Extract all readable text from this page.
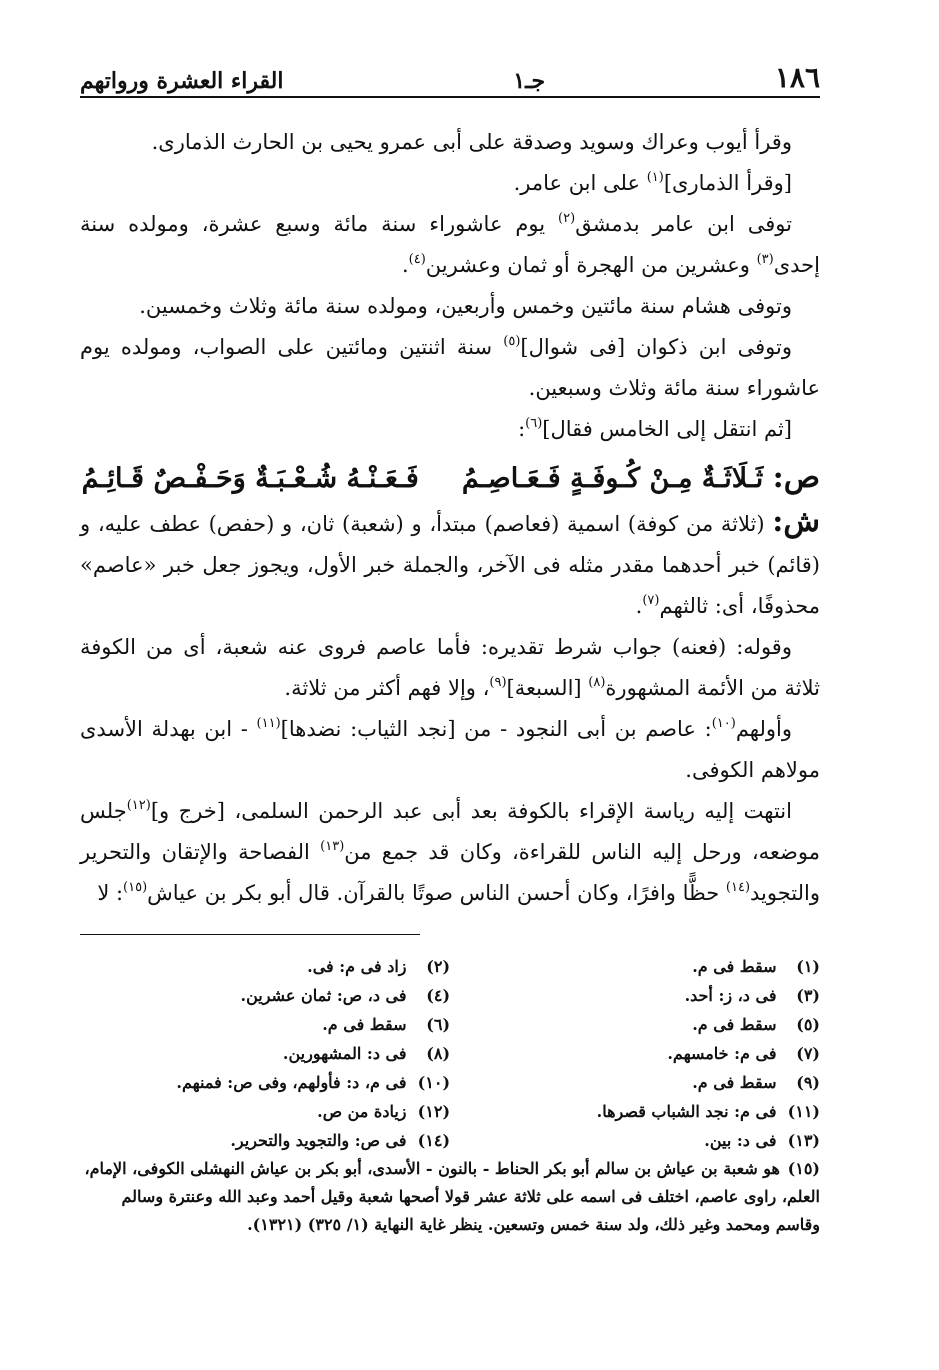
١٨٦
جـ١
القراء العشرة ورواتهم

وقرأ أيوب وعراك وسويد وصدقة على أبى عمرو يحيى بن الحارث الذمارى.

[وقرأ الذمارى]$^{(١)}$ على ابن عامر.

توفى ابن عامر بدمشق$^{(٢)}$ يوم عاشوراء سنة مائة وسبع عشرة، ومولده سنة إحدى$^{(٣)}$ وعشرين من الهجرة أو ثمان وعشرين$^{(٤)}$.

وتوفى هشام سنة مائتين وخمس وأربعين، ومولده سنة مائة وثلاث وخمسين.

وتوفى ابن ذكوان [فى شوال]$^{(٥)}$ سنة اثنتين ومائتين على الصواب، ومولده يوم عاشوراء سنة مائة وثلاث وسبعين.

[ثم انتقل إلى الخامس فقال]$^{(٦)}$:

ص: ثَـلَاثَـةٌ مِـنْ كُـوفَـةٍ فَـعَـاصِـمُ فَـعَـنْـهُ شُـعْـبَـةٌ وَحَـفْـصٌ قَـائِـمُ

ش: (ثلاثة من كوفة) اسمية (فعاصم) مبتدأ، و (شعبة) ثان، و (حفص) عطف عليه، و (قائم) خبر أحدهما مقدر مثله فى الآخر، والجملة خبر الأول، ويجوز جعل خبر «عاصم» محذوفًا، أى: ثالثهم$^{(٧)}$.

وقوله: (فعنه) جواب شرط تقديره: فأما عاصم فروى عنه شعبة، أى من الكوفة ثلاثة من الأئمة المشهورة$^{(٨)}$ [السبعة]$^{(٩)}$، وإلا فهم أكثر من ثلاثة.

وأولهم$^{(١٠)}$: عاصم بن أبى النجود - من [نجد الثياب: نضدها]$^{(١١)}$ - ابن بهدلة الأسدى مولاهم الكوفى.

انتهت إليه رياسة الإقراء بالكوفة بعد أبى عبد الرحمن السلمى، [خرج و]$^{(١٢)}$جلس موضعه، ورحل إليه الناس للقراءة، وكان قد جمع من$^{(١٣)}$ الفصاحة والإتقان والتحرير والتجويد$^{(١٤)}$ حظًّا وافرًا، وكان أحسن الناس صوتًا بالقرآن. قال أبو بكر بن عياش$^{(١٥)}$: لا

(١)	سقط فى م.	(٢)	زاد فى م: فى.
(٣)	فى د، ز: أحد.	(٤)	فى د، ص: ثمان عشرين.
(٥)	سقط فى م.	(٦)	سقط فى م.
(٧)	فى م: خامسهم.	(٨)	فى د: المشهورين.
(٩)	سقط فى م.	(١٠)	فى م، د: فأولهم، وفى ص: فمنهم.
(١١)	فى م: نجد الشباب قصرها.	(١٢)	زيادة من ص.
(١٣)	فى د: بين.	(١٤)	فى ص: والتجويد والتحرير.
(١٥)هو شعبة بن عياش بن سالم أبو بكر الحناط - بالنون - الأسدى، أبو بكر بن عياش النهشلى الكوفى، الإمام، العلم، راوى عاصم، اختلف فى اسمه على ثلاثة عشر قولا أصحها شعبة وقيل أحمد وعبد الله وعنترة وسالم وقاسم ومحمد وغير ذلك، ولد سنة خمس وتسعين. ينظر غاية النهاية (١/ ٣٢٥) (١٣٢١).
